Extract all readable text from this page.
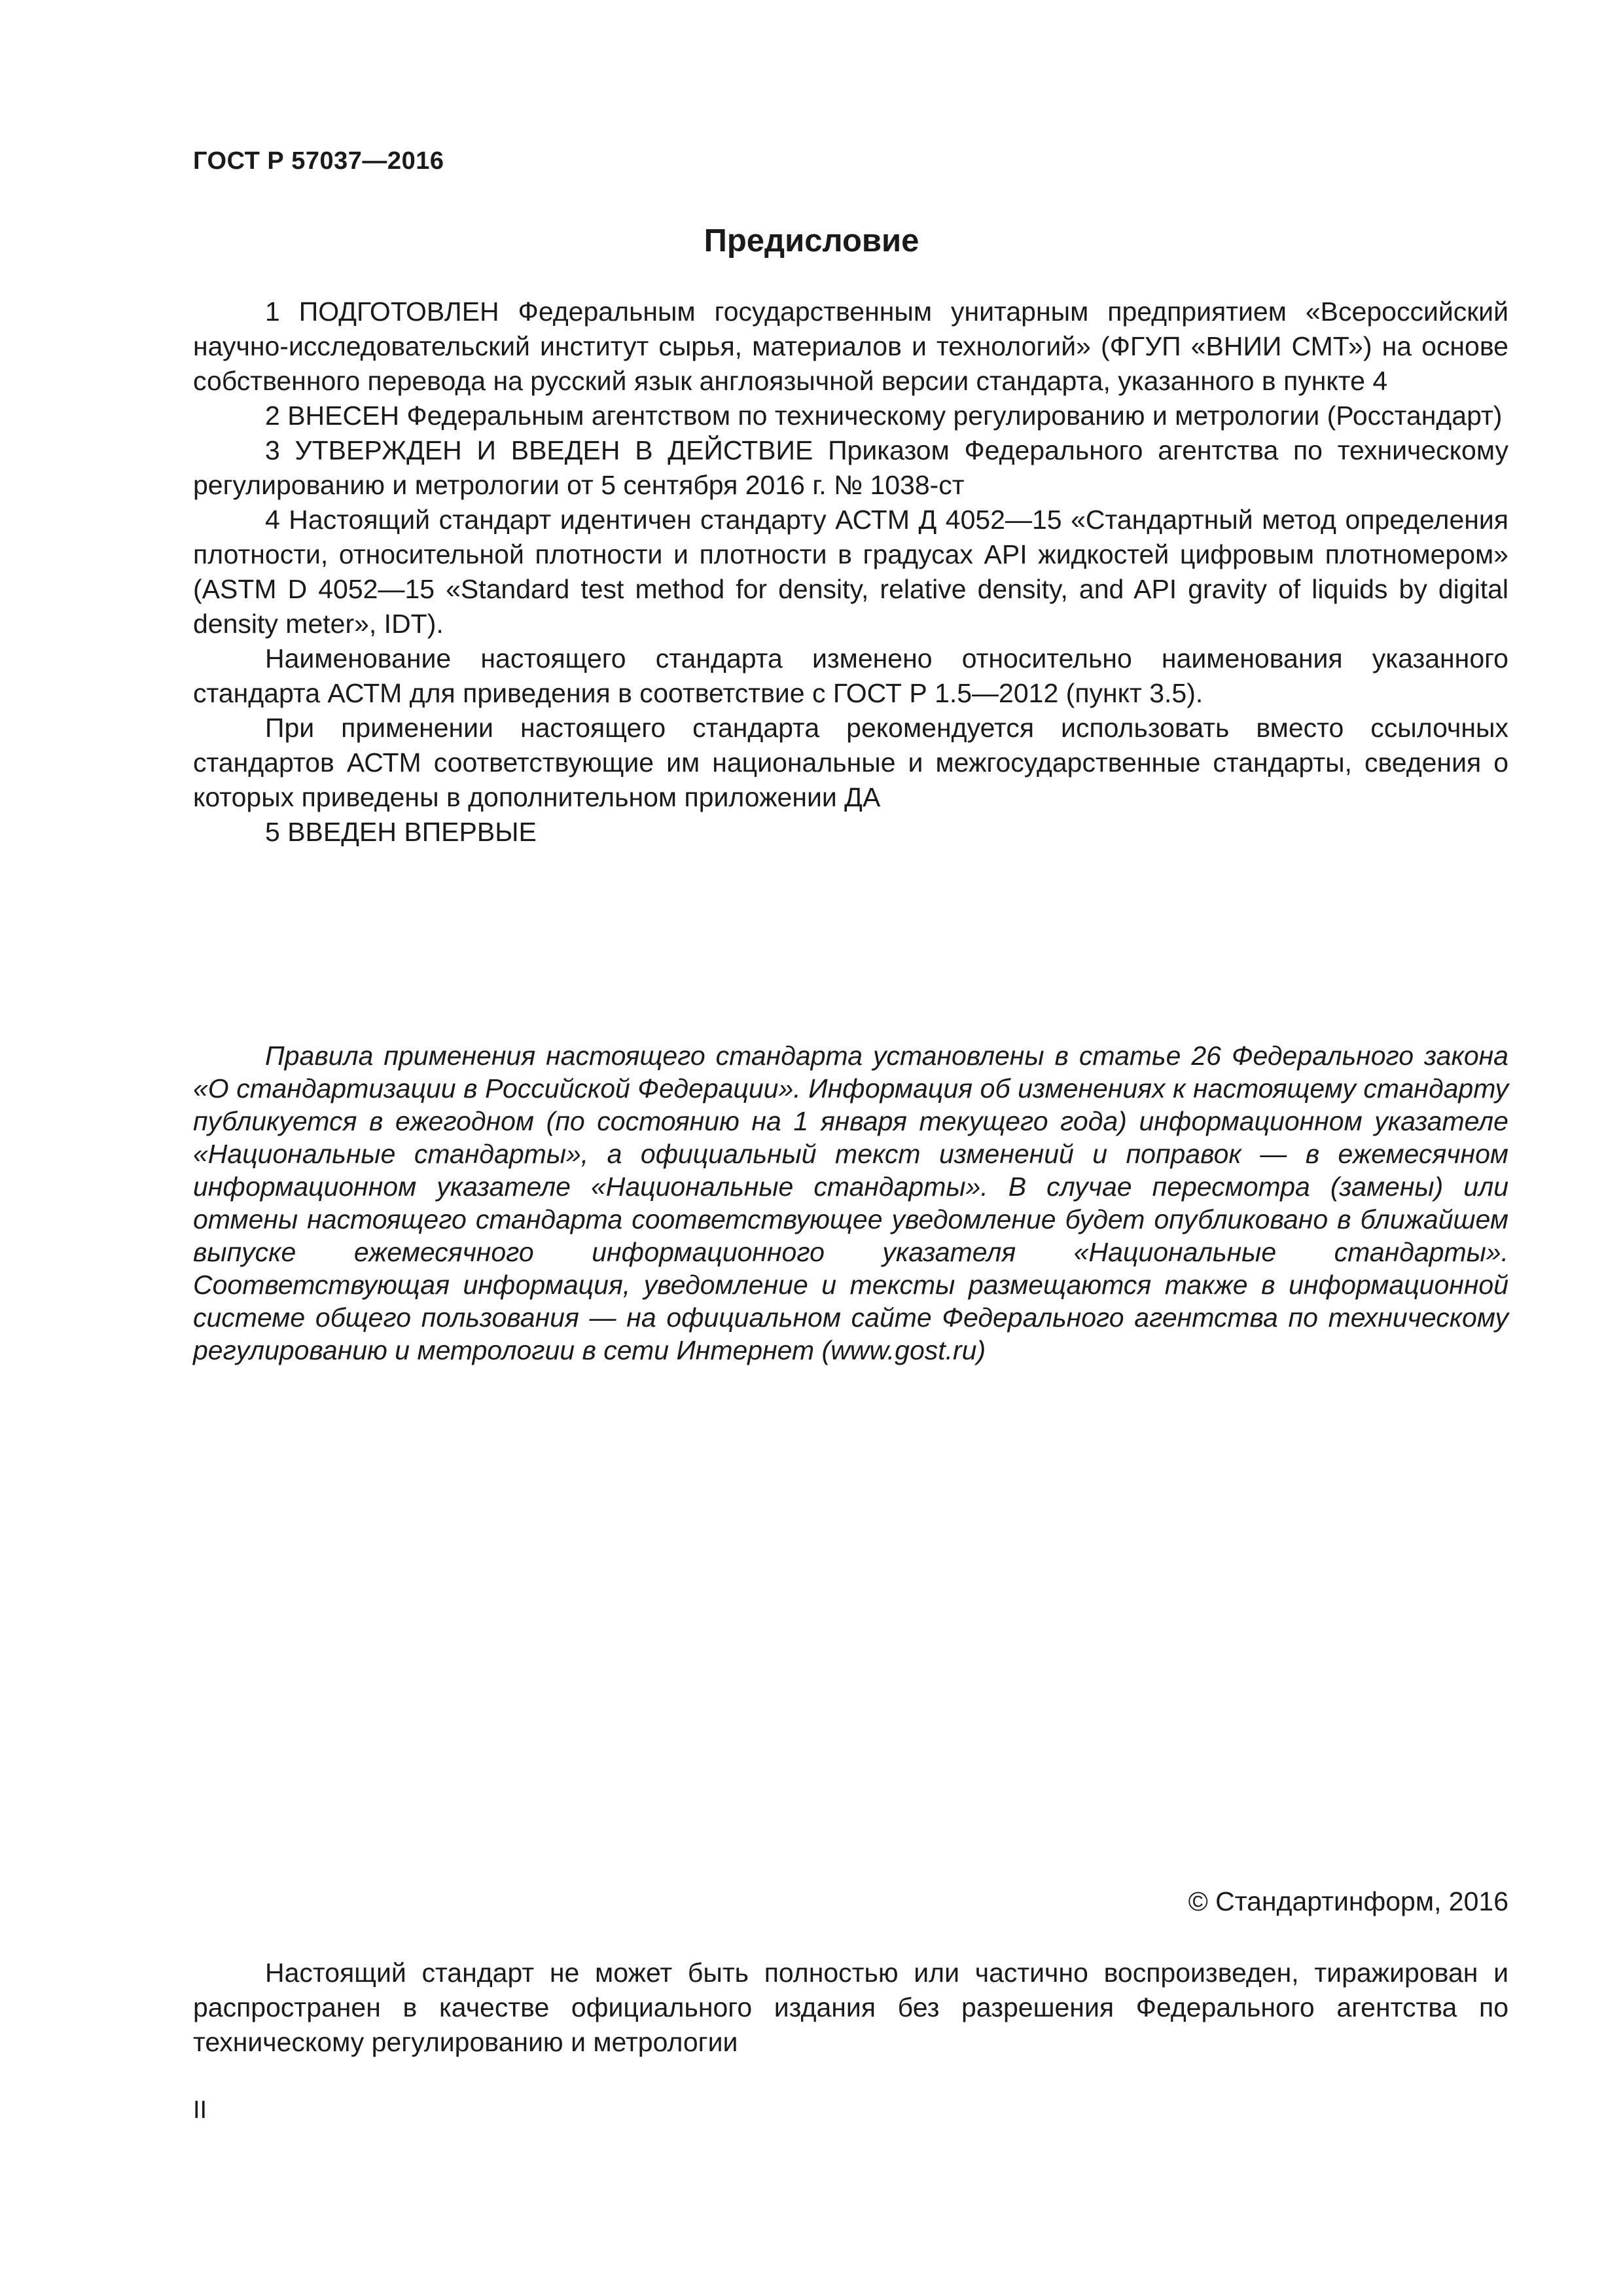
ГОСТ Р 57037—2016
Предисловие

1 ПОДГОТОВЛЕН Федеральным государственным унитарным предприятием «Всероссийский научно-исследовательский институт сырья, материалов и технологий» (ФГУП «ВНИИ СМТ») на основе собственного перевода на русский язык англоязычной версии стандарта, указанного в пункте 4

2 ВНЕСЕН Федеральным агентством по техническому регулированию и метрологии (Росстандарт)

3 УТВЕРЖДЕН И ВВЕДЕН В ДЕЙСТВИЕ Приказом Федерального агентства по техническому регулированию и метрологии от 5 сентября 2016 г. № 1038-ст

4 Настоящий стандарт идентичен стандарту АСТМ Д 4052—15 «Стандартный метод определения плотности, относительной плотности и плотности в градусах API жидкостей цифровым плотномером» (ASTM D 4052—15 «Standard test method for density, relative density, and API gravity of liquids by digital density meter», IDT).

Наименование настоящего стандарта изменено относительно наименования указанного стандарта АСТМ для приведения в соответствие с ГОСТ Р 1.5—2012 (пункт 3.5).

При применении настоящего стандарта рекомендуется использовать вместо ссылочных стандартов АСТМ соответствующие им национальные и межгосударственные стандарты, сведения о которых приведены в дополнительном приложении ДА

5 ВВЕДЕН ВПЕРВЫЕ

Правила применения настоящего стандарта установлены в статье 26 Федерального закона «О стандартизации в Российской Федерации». Информация об изменениях к настоящему стандарту публикуется в ежегодном (по состоянию на 1 января текущего года) информационном указателе «Национальные стандарты», а официальный текст изменений и поправок — в ежемесячном информационном указателе «Национальные стандарты». В случае пересмотра (замены) или отмены настоящего стандарта соответствующее уведомление будет опубликовано в ближайшем выпуске ежемесячного информационного указателя «Национальные стандарты». Соответствующая информация, уведомление и тексты размещаются также в информационной системе общего пользования — на официальном сайте Федерального агентства по техническому регулированию и метрологии в сети Интернет (www.gost.ru)

© Стандартинформ, 2016

Настоящий стандарт не может быть полностью или частично воспроизведен, тиражирован и распространен в качестве официального издания без разрешения Федерального агентства по техническому регулированию и метрологии

II
